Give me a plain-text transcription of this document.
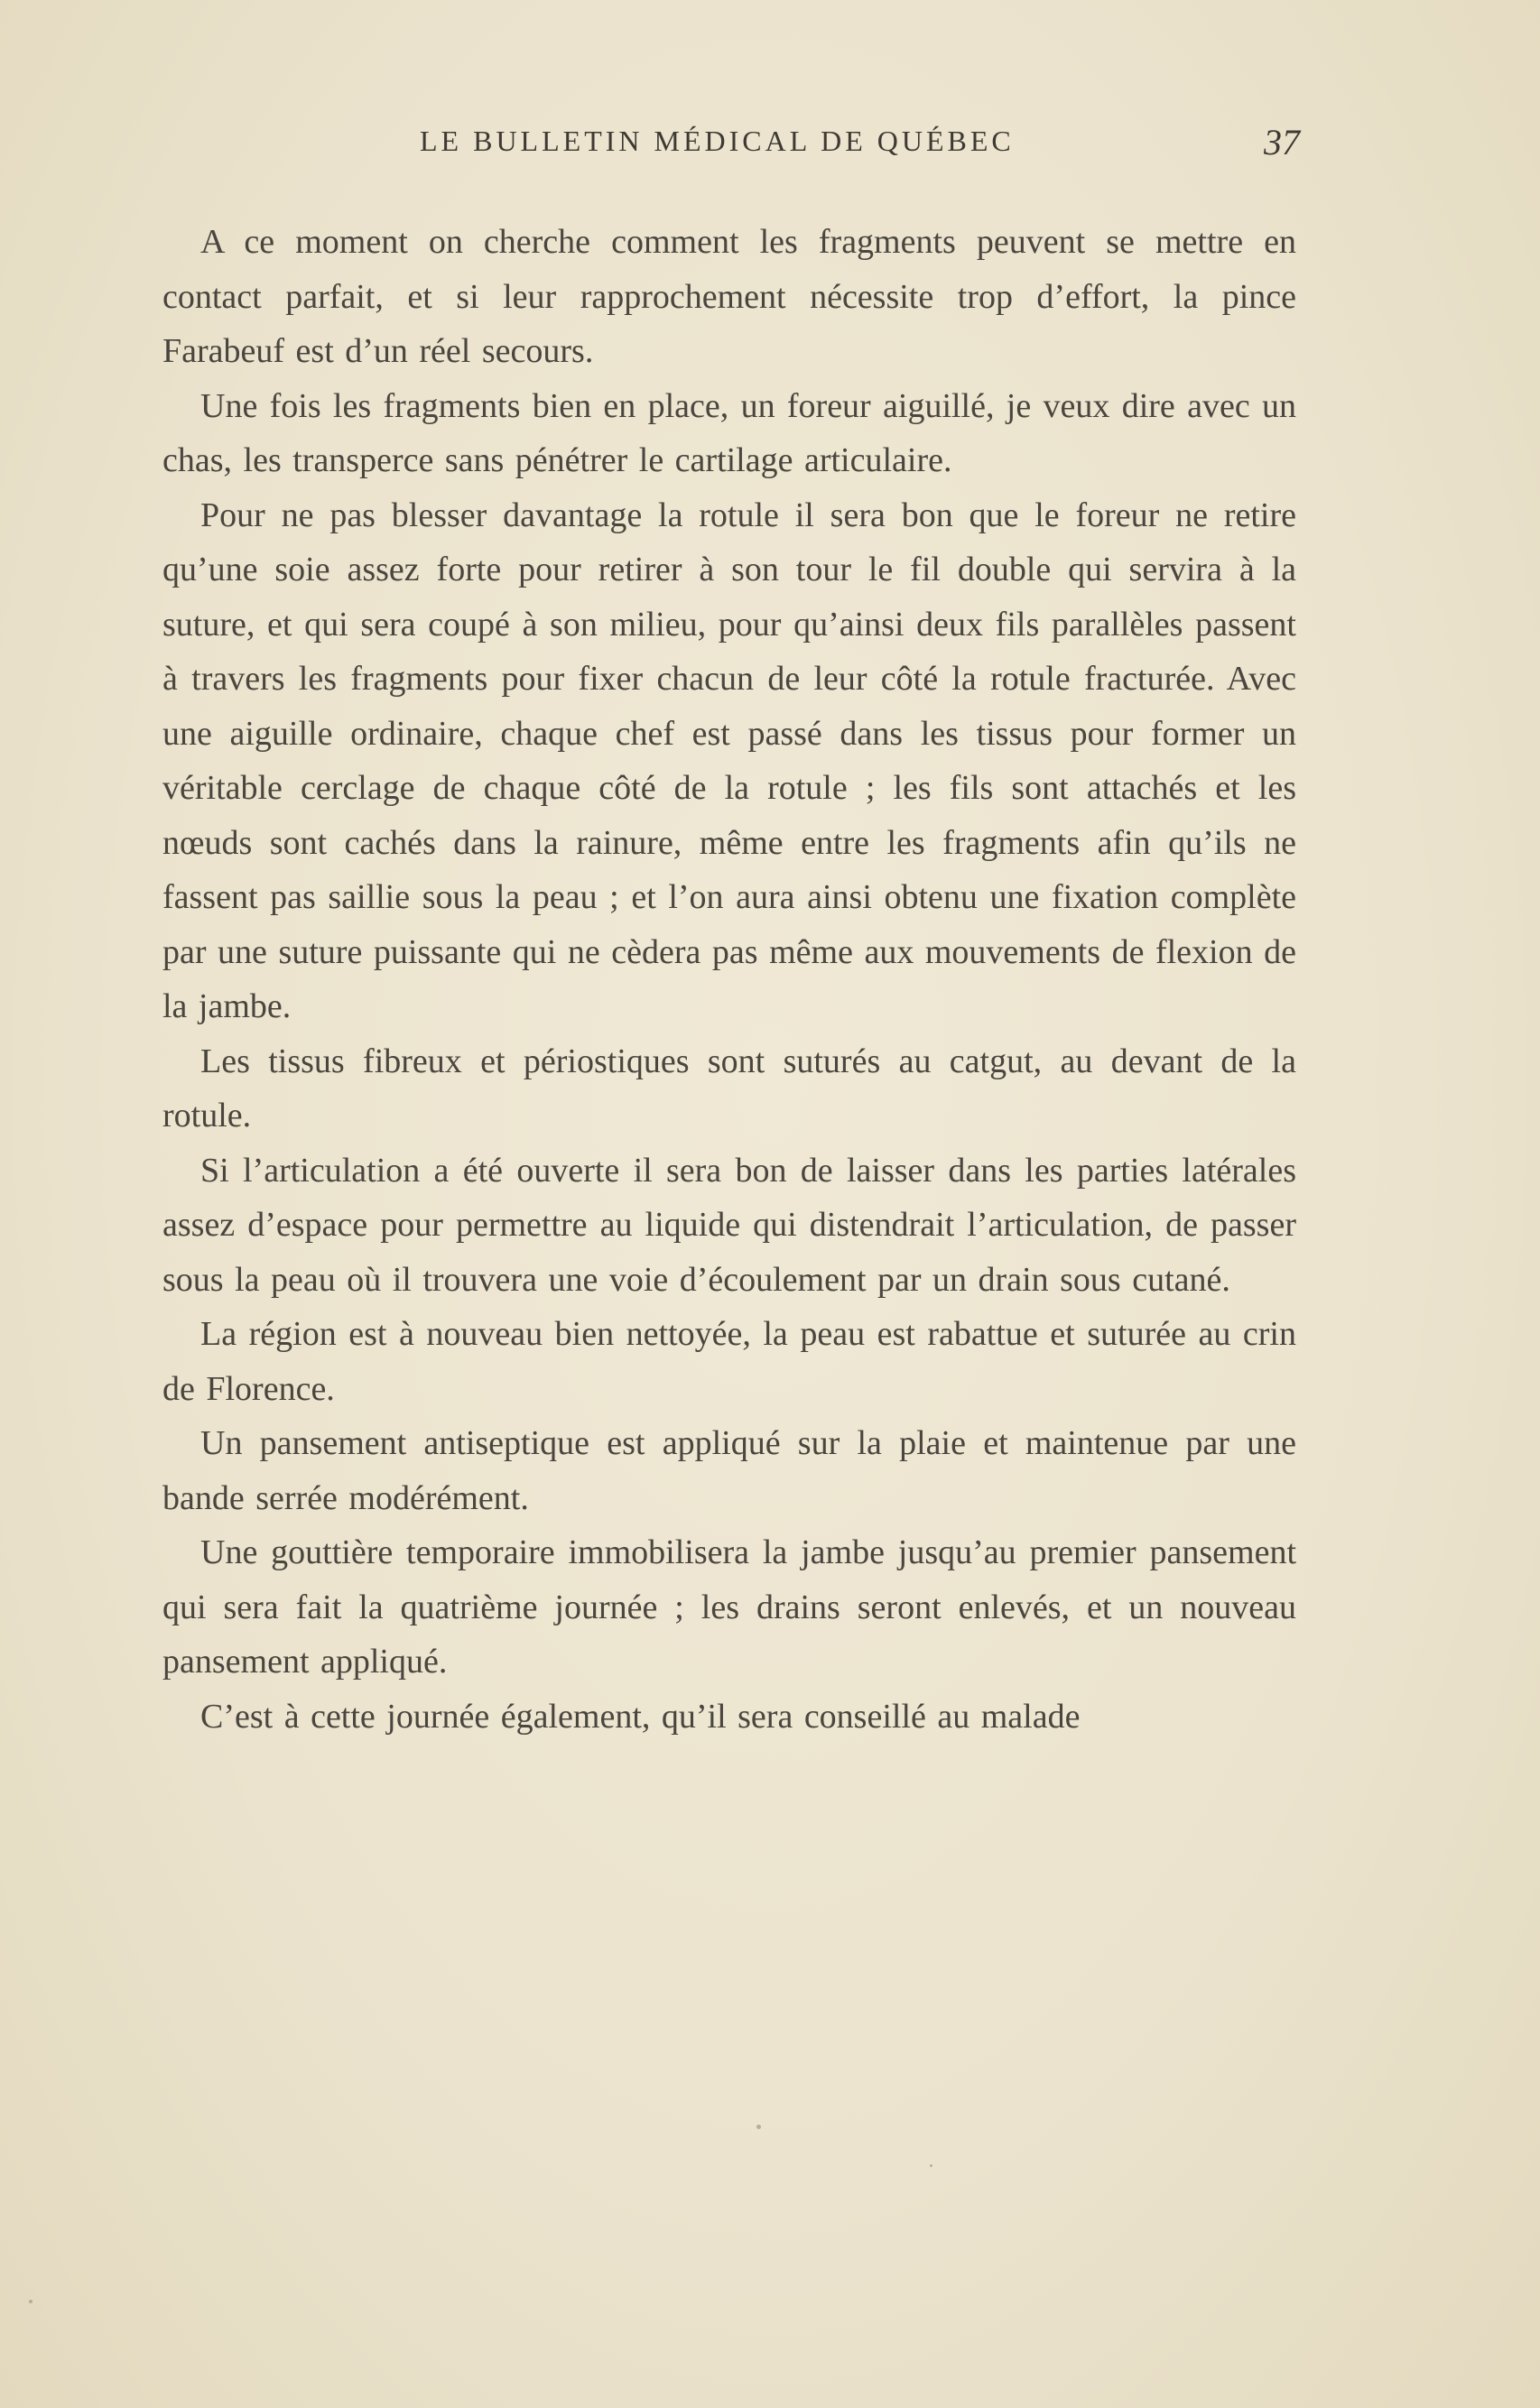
LE BULLETIN MÉDICAL DE QUÉBEC	37

A ce moment on cherche comment les fragments peuvent se mettre en contact parfait, et si leur rapprochement nécessite trop d’effort, la pince Farabeuf est d’un réel secours.

Une fois les fragments bien en place, un foreur aiguillé, je veux dire avec un chas, les transperce sans pénétrer le cartilage articulaire.

Pour ne pas blesser davantage la rotule il sera bon que le foreur ne retire qu’une soie assez forte pour retirer à son tour le fil double qui servira à la suture, et qui sera coupé à son milieu, pour qu’ainsi deux fils parallèles passent à travers les fragments pour fixer chacun de leur côté la rotule fracturée. Avec une aiguille ordinaire, chaque chef est passé dans les tissus pour former un véritable cerclage de chaque côté de la rotule ; les fils sont attachés et les nœuds sont cachés dans la rainure, même entre les fragments afin qu’ils ne fassent pas saillie sous la peau ; et l’on aura ainsi obtenu une fixation complète par une suture puissante qui ne cèdera pas même aux mouvements de flexion de la jambe.

Les tissus fibreux et périostiques sont suturés au catgut, au devant de la rotule.

Si l’articulation a été ouverte il sera bon de laisser dans les parties latérales assez d’espace pour permettre au liquide qui distendrait l’articulation, de passer sous la peau où il trouvera une voie d’écoulement par un drain sous cutané.

La région est à nouveau bien nettoyée, la peau est rabattue et suturée au crin de Florence.

Un pansement antiseptique est appliqué sur la plaie et maintenue par une bande serrée modérément.

Une gouttière temporaire immobilisera la jambe jusqu’au premier pansement qui sera fait la quatrième journée ; les drains seront enlevés, et un nouveau pansement appliqué.

C’est à cette journée également, qu’il sera conseillé au malade
